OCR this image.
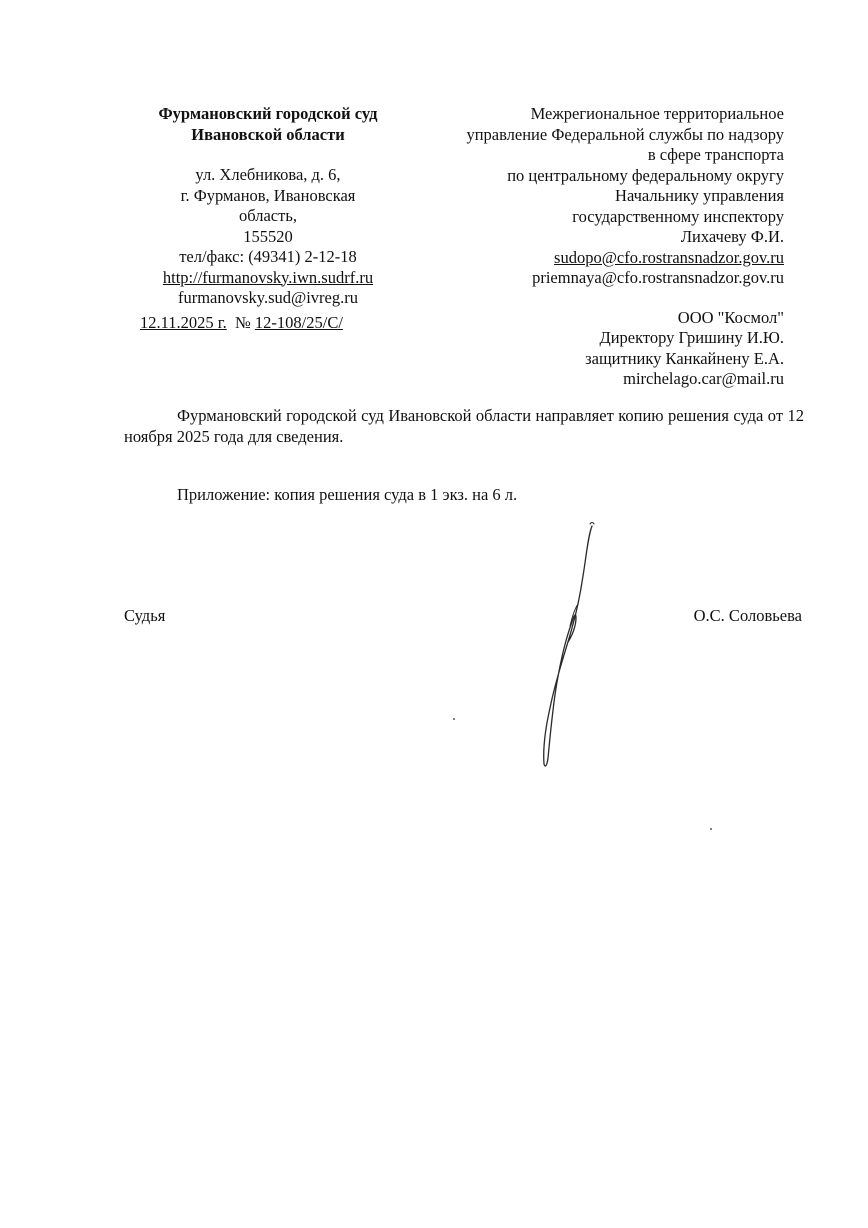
Фурмановский городской суд
Ивановской области
ул. Хлебникова, д. 6,
г. Фурманов, Ивановская
область,
155520
тел/факс: (49341) 2-12-18
http://furmanovsky.iwn.sudrf.ru
furmanovsky.sud@ivreg.ru
12.11.2025 г. № 12-108/25/С/
Межрегиональное территориальное
управление Федеральной службы по надзору
в сфере транспорта
по центральному федеральному округу
Начальнику управления
государственному инспектору
Лихачеву Ф.И.
sudopo@cfo.rostransnadzor.gov.ru
priemnaya@cfo.rostransnadzor.gov.ru
ООО "Космол"
Директору Гришину И.Ю.
защитнику Канкайнену Е.А.
mirchelago.car@mail.ru
Фурмановский городской суд Ивановской области направляет копию решения суда от 12 ноября 2025 года для сведения.
Приложение: копия решения суда в 1 экз. на 6 л.
Судья	О.С. Соловьева
